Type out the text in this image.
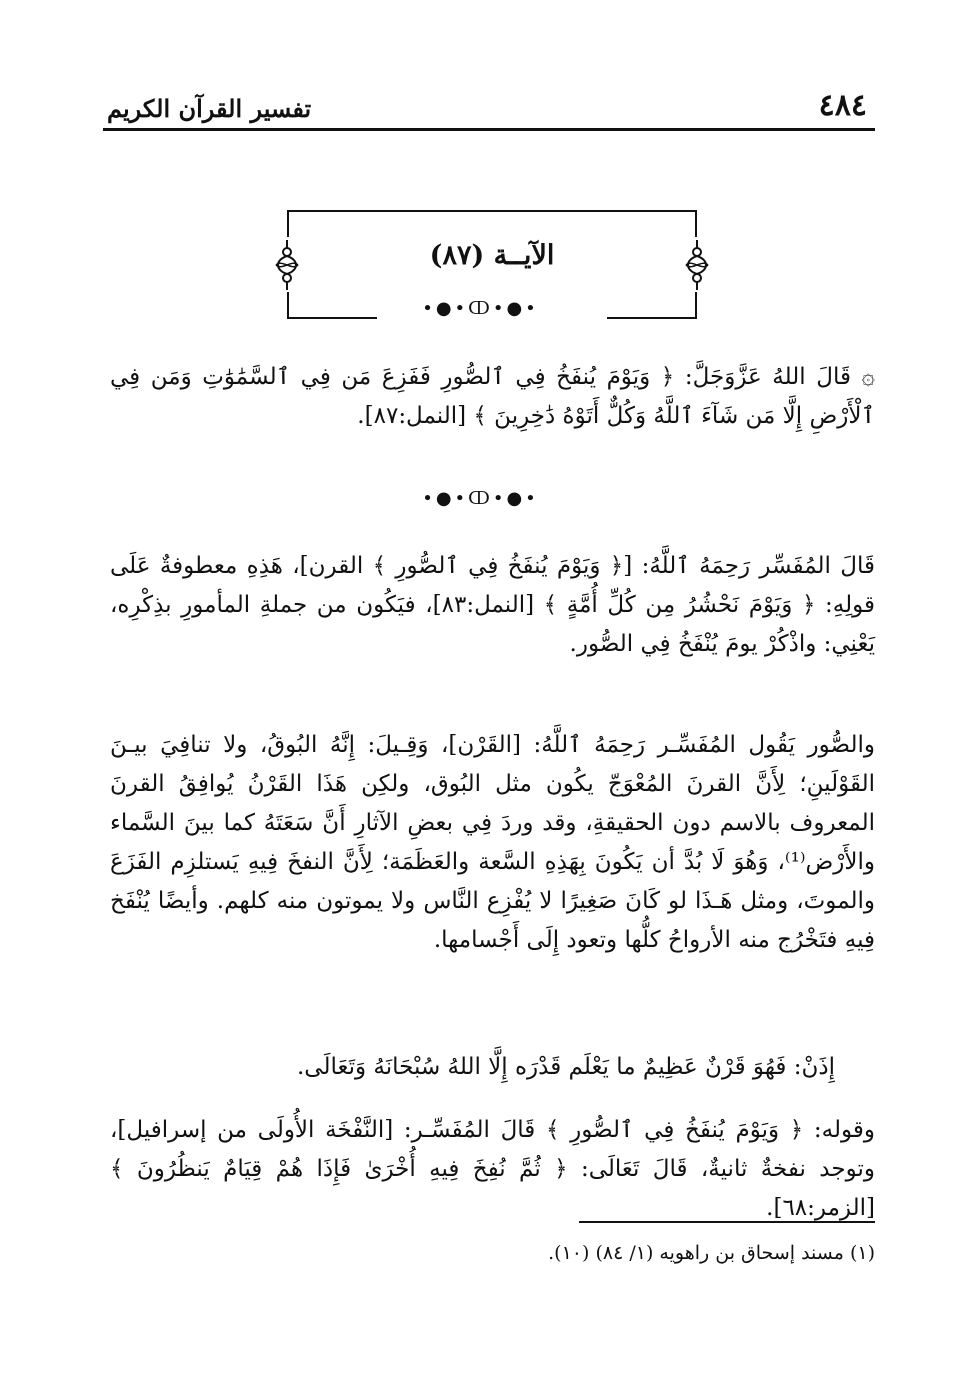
٤٨٤
تفسير القرآن الكريم
الآيــة (٨٧)
•●•ↀ•●•
۞ قَالَ اللهُ عَزَّوَجَلَّ: ﴿ وَيَوْمَ يُنفَخُ فِي ٱلصُّورِ فَفَزِعَ مَن فِي ٱلسَّمَٰوَٰتِ وَمَن فِي ٱلْأَرْضِ إِلَّا مَن شَآءَ ٱللَّهُ وَكُلٌّ أَتَوْهُ دَٰخِرِينَ ﴾ [النمل:٨٧].
•●•ↀ•●•
قَالَ المُفَسِّر رَحِمَهُ ٱللَّهُ: [﴿ وَيَوْمَ يُنفَخُ فِي ٱلصُّورِ ﴾ القرن]، هَذِهِ معطوفةٌ عَلَى قولِهِ: ﴿ وَيَوْمَ نَحْشُرُ مِن كُلِّ أُمَّةٍ ﴾ [النمل:٨٣]، فيَكُون من جملةِ المأمورِ بذِكْرِه، يَعْنِي: واذْكُرْ يومَ يُنْفَخُ فِي الصُّور.
والصُّور يَقُول المُفَسِّـر رَحِمَهُ ٱللَّهُ: [القَرْن]، وَقِـيلَ: إِنَّهُ البُوقُ، ولا تنافِيَ بيـنَ القَوْلَينِ؛ لِأَنَّ القرنَ المُعْوَجّ يكُون مثل البُوق، ولكِن هَذَا القَرْنُ يُوافِقُ القرنَ المعروف بالاسم دون الحقيقةِ، وقد وردَ فِي بعضِ الآثارِ أَنَّ سَعَتَهُ كما بينَ السَّماء والأَرْض⁽¹⁾، وَهُوَ لَا بُدَّ أن يَكُونَ بِهَذِهِ السَّعة والعَظَمَة؛ لِأَنَّ النفخَ فِيهِ يَستلزِم الفَزَعَ والموتَ، ومثل هَـذَا لو كَانَ صَغِيرًا لا يُفْزِع النَّاس ولا يموتون منه كلهم. وأيضًا يُنْفَخ فِيهِ فتَخْرُج منه الأرواحُ كلُّها وتعود إِلَى أَجْسامها.
إِذَنْ: فَهُوَ قَرْنٌ عَظِيمٌ ما يَعْلَم قَدْرَه إِلَّا اللهُ سُبْحَانَهُ وَتَعَالَى.
وقوله: ﴿ وَيَوْمَ يُنفَخُ فِي ٱلصُّورِ ﴾ قَالَ المُفَسِّـر: [النَّفْخَة الأُولَى من إسرافيل]، وتوجد نفخةٌ ثانيةٌ، قَالَ تَعَالَى: ﴿ ثُمَّ نُفِخَ فِيهِ أُخْرَىٰ فَإِذَا هُمْ قِيَامٌ يَنظُرُونَ ﴾ [الزمر:٦٨].
(١) مسند إسحاق بن راهويه (١/ ٨٤) (١٠).
